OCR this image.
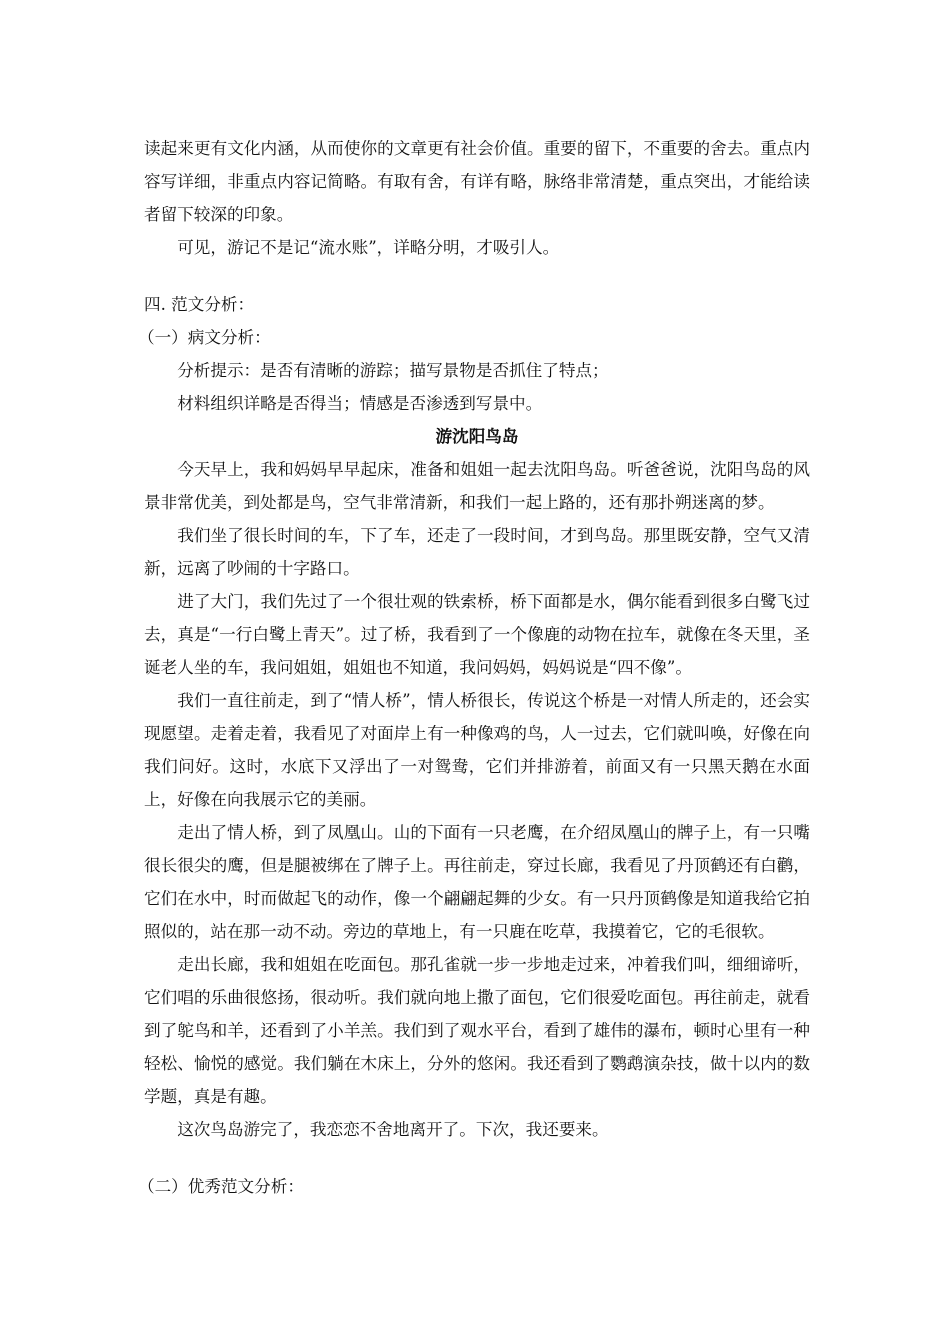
读起来更有文化内涵，从而使你的文章更有社会价值。重要的留下，不重要的舍去。重点内容写详细，非重点内容记简略。有取有舍，有详有略，脉络非常清楚，重点突出，才能给读者留下较深的印象。

可见，游记不是记“流水账”，详略分明，才吸引人。

四. 范文分析：

（一）病文分析：

分析提示：是否有清晰的游踪；描写景物是否抓住了特点；

材料组织详略是否得当；情感是否渗透到写景中。

游沈阳鸟岛

今天早上，我和妈妈早早起床，准备和姐姐一起去沈阳鸟岛。听爸爸说，沈阳鸟岛的风景非常优美，到处都是鸟，空气非常清新，和我们一起上路的，还有那扑朔迷离的梦。

我们坐了很长时间的车，下了车，还走了一段时间，才到鸟岛。那里既安静，空气又清新，远离了吵闹的十字路口。

进了大门，我们先过了一个很壮观的铁索桥，桥下面都是水，偶尔能看到很多白鹭飞过去，真是“一行白鹭上青天”。过了桥，我看到了一个像鹿的动物在拉车，就像在冬天里，圣诞老人坐的车，我问姐姐，姐姐也不知道，我问妈妈，妈妈说是“四不像”。

我们一直往前走，到了“情人桥”，情人桥很长，传说这个桥是一对情人所走的，还会实现愿望。走着走着，我看见了对面岸上有一种像鸡的鸟，人一过去，它们就叫唤，好像在向我们问好。这时，水底下又浮出了一对鸳鸯，它们并排游着，前面又有一只黑天鹅在水面上，好像在向我展示它的美丽。

走出了情人桥，到了凤凰山。山的下面有一只老鹰，在介绍凤凰山的牌子上，有一只嘴很长很尖的鹰，但是腿被绑在了牌子上。再往前走，穿过长廊，我看见了丹顶鹤还有白鹳，它们在水中，时而做起飞的动作，像一个翩翩起舞的少女。有一只丹顶鹤像是知道我给它拍照似的，站在那一动不动。旁边的草地上，有一只鹿在吃草，我摸着它，它的毛很软。

走出长廊，我和姐姐在吃面包。那孔雀就一步一步地走过来，冲着我们叫，细细谛听，它们唱的乐曲很悠扬，很动听。我们就向地上撒了面包，它们很爱吃面包。再往前走，就看到了鸵鸟和羊，还看到了小羊羔。我们到了观水平台，看到了雄伟的瀑布，顿时心里有一种轻松、愉悦的感觉。我们躺在木床上，分外的悠闲。我还看到了鹦鹉演杂技，做十以内的数学题，真是有趣。

这次鸟岛游完了，我恋恋不舍地离开了。下次，我还要来。

（二）优秀范文分析：
